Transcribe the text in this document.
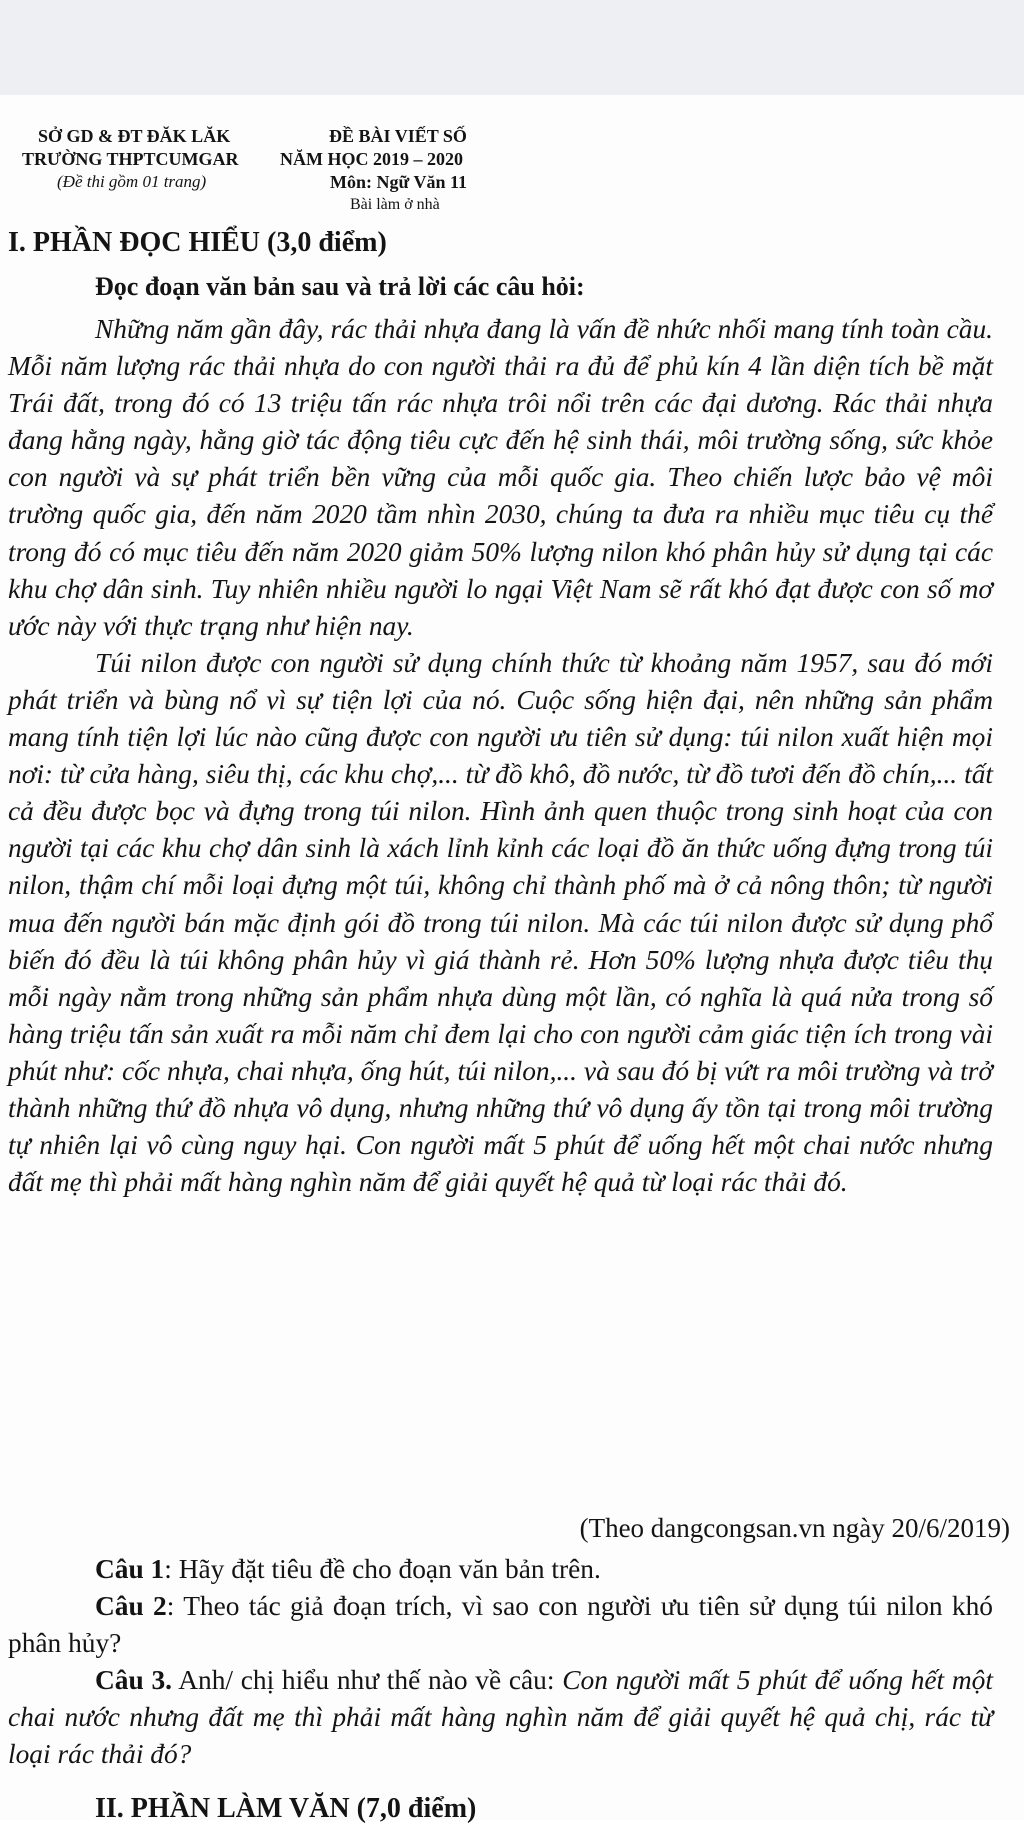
SỞ GD & ĐT ĐĂK LĂK
TRƯỜNG THPTCUMGAR
(Đề thi gồm 01 trang)
ĐỀ BÀI VIẾT SỐ
NĂM HỌC 2019 – 2020
Môn: Ngữ Văn 11
Bài làm ở nhà
I. PHẦN ĐỌC HIỂU (3,0 điểm)
Đọc đoạn văn bản sau và trả lời các câu hỏi:

Những năm gần đây, rác thải nhựa đang là vấn đề nhức nhối mang tính toàn cầu. Mỗi năm lượng rác thải nhựa do con người thải ra đủ để phủ kín 4 lần diện tích bề mặt Trái đất, trong đó có 13 triệu tấn rác nhựa trôi nổi trên các đại dương. Rác thải nhựa đang hằng ngày, hằng giờ tác động tiêu cực đến hệ sinh thái, môi trường sống, sức khỏe con người và sự phát triển bền vững của mỗi quốc gia. Theo chiến lược bảo vệ môi trường quốc gia, đến năm 2020 tầm nhìn 2030, chúng ta đưa ra nhiều mục tiêu cụ thể trong đó có mục tiêu đến năm 2020 giảm 50% lượng nilon khó phân hủy sử dụng tại các khu chợ dân sinh. Tuy nhiên nhiều người lo ngại Việt Nam sẽ rất khó đạt được con số mơ ước này với thực trạng như hiện nay.

Túi nilon được con người sử dụng chính thức từ khoảng năm 1957, sau đó mới phát triển và bùng nổ vì sự tiện lợi của nó. Cuộc sống hiện đại, nên những sản phẩm mang tính tiện lợi lúc nào cũng được con người ưu tiên sử dụng: túi nilon xuất hiện mọi nơi: từ cửa hàng, siêu thị, các khu chợ,... từ đồ khô, đồ nước, từ đồ tươi đến đồ chín,... tất cả đều được bọc và đựng trong túi nilon. Hình ảnh quen thuộc trong sinh hoạt của con người tại các khu chợ dân sinh là xách lỉnh kỉnh các loại đồ ăn thức uống đựng trong túi nilon, thậm chí mỗi loại đựng một túi, không chỉ thành phố mà ở cả nông thôn; từ người mua đến người bán mặc định gói đồ trong túi nilon. Mà các túi nilon được sử dụng phổ biến đó đều là túi không phân hủy vì giá thành rẻ. Hơn 50% lượng nhựa được tiêu thụ mỗi ngày nằm trong những sản phẩm nhựa dùng một lần, có nghĩa là quá nửa trong số hàng triệu tấn sản xuất ra mỗi năm chỉ đem lại cho con người cảm giác tiện ích trong vài phút như: cốc nhựa, chai nhựa, ống hút, túi nilon,... và sau đó bị vứt ra môi trường và trở thành những thứ đồ nhựa vô dụng, nhưng những thứ vô dụng ấy tồn tại trong môi trường tự nhiên lại vô cùng nguy hại. Con người mất 5 phút để uống hết một chai nước nhưng đất mẹ thì phải mất hàng nghìn năm để giải quyết hệ quả từ loại rác thải đó.

(Theo dangcongsan.vn ngày 20/6/2019)

Câu 1: Hãy đặt tiêu đề cho đoạn văn bản trên.

Câu 2: Theo tác giả đoạn trích, vì sao con người ưu tiên sử dụng túi nilon khó phân hủy?

Câu 3. Anh/ chị hiểu như thế nào về câu: Con người mất 5 phút để uống hết một chai nước nhưng đất mẹ thì phải mất hàng nghìn năm để giải quyết hệ quả chị, rác từ loại rác thải đó?

II. PHẦN LÀM VĂN (7,0 điểm)
